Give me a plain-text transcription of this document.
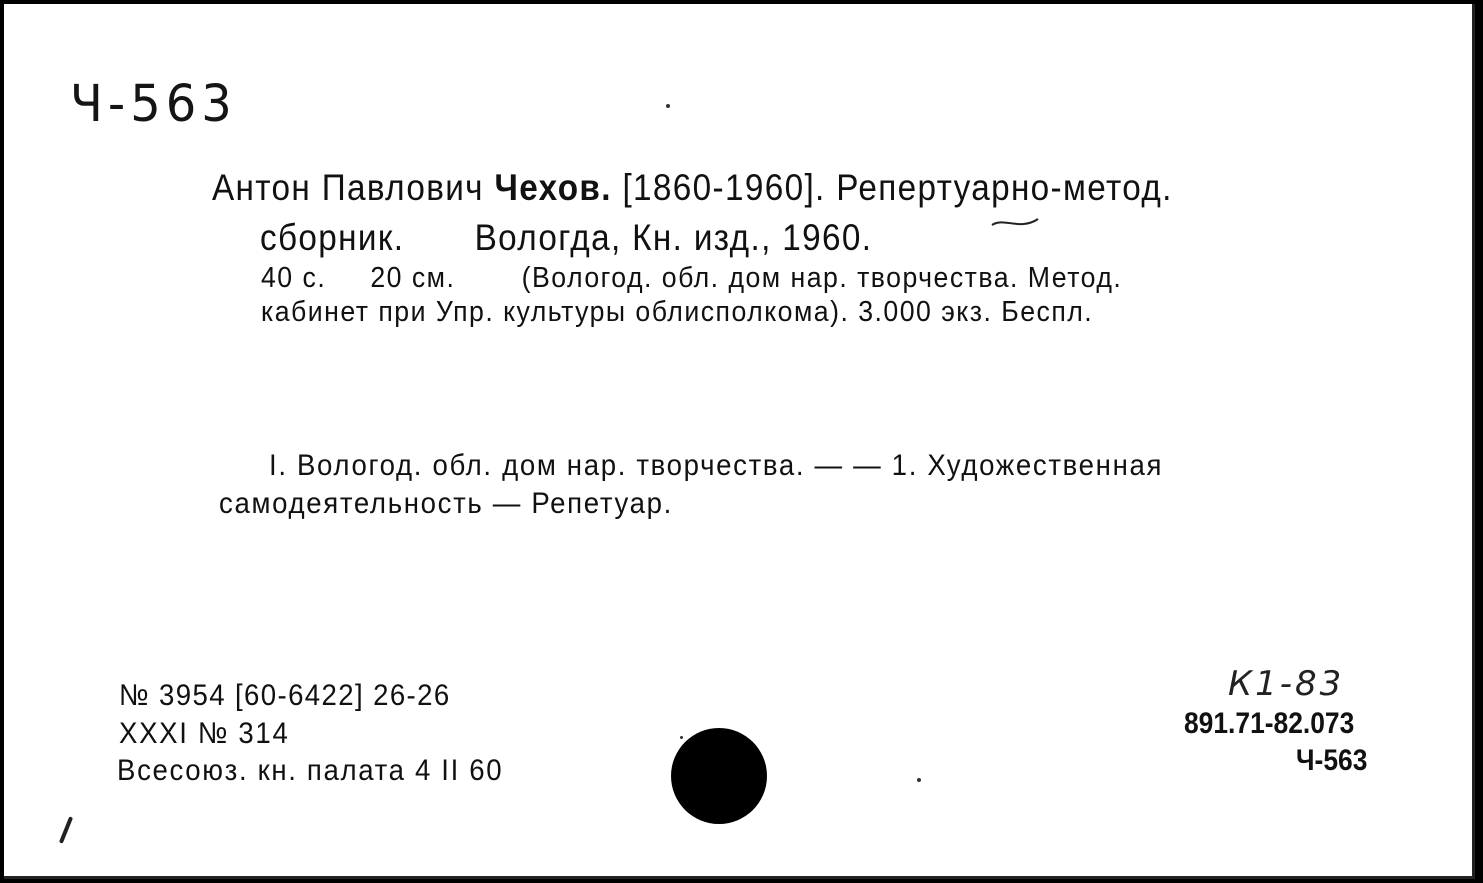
Ч-563
Антон Павлович Чехов. [1860-1960]. Репертуарно-метод.
сборник. Вологда, Кн. изд., 1960.
40 с. 20 см. (Вологод. обл. дом нар. творчества. Метод.
кабинет при Упр. культуры облисполкома). 3.000 экз. Беспл.
I. Вологод. обл. дом нар. творчества. — — 1. Художественная
самодеятельность — Репетуар.
№ 3954 [60-6422] 26-26
XXXI № 314
Всесоюз. кн. палата 4 II 60
К1-83
891.71-82.073
Ч-563
